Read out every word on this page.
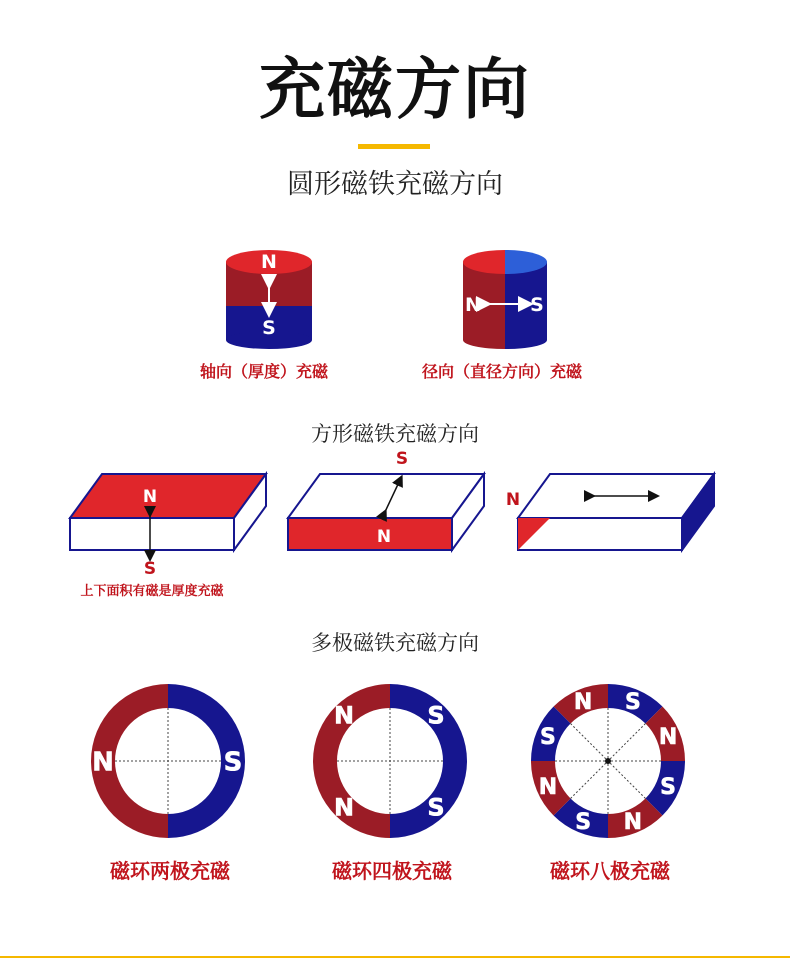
充磁方向
圆形磁铁充磁方向
N
S
N	S
轴向（厚度）充磁	径向（直径方向）充磁
方形磁铁充磁方向
N
S
上下面积有磁是厚度充磁
S
N
N
多极磁铁充磁方向
S
N
N	S
S
N
N S
N
S
N
S
N
S
磁环两极充磁	磁环四极充磁	磁环八极充磁
